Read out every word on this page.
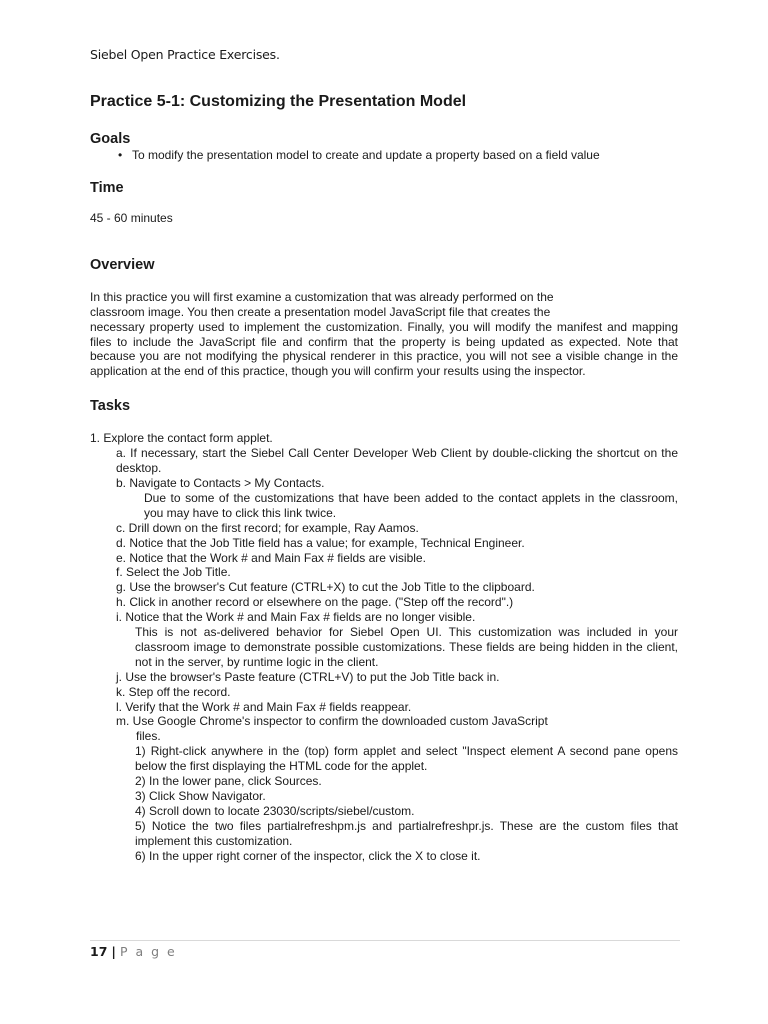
Siebel Open Practice Exercises.
Practice 5-1: Customizing the Presentation Model
Goals

• To modify the presentation model to create and update a property based on a field value

Time

45 - 60 minutes

Overview

In this practice you will first examine a customization that was already performed on the

classroom image. You then create a presentation model JavaScript file that creates the

necessary property used to implement the customization. Finally, you will modify the manifest and mapping files to include the JavaScript file and confirm that the property is being updated as expected. Note that because you are not modifying the physical renderer in this practice, you will not see a visible change in the application at the end of this practice, though you will confirm your results using the inspector.

Tasks

1. Explore the contact form applet.

a. If necessary, start the Siebel Call Center Developer Web Client by double-clicking the shortcut on the desktop.

b. Navigate to Contacts > My Contacts.

Due to some of the customizations that have been added to the contact applets in the classroom, you may have to click this link twice.

c. Drill down on the first record; for example, Ray Aamos.

d. Notice that the Job Title field has a value; for example, Technical Engineer.

e. Notice that the Work # and Main Fax # fields are visible.

f. Select the Job Title.

g. Use the browser's Cut feature (CTRL+X) to cut the Job Title to the clipboard.

h. Click in another record or elsewhere on the page. ("Step off the record".)

i. Notice that the Work # and Main Fax # fields are no longer visible.

This is not as-delivered behavior for Siebel Open UI. This customization was included in your classroom image to demonstrate possible customizations. These fields are being hidden in the client, not in the server, by runtime logic in the client.

j. Use the browser's Paste feature (CTRL+V) to put the Job Title back in.

k. Step off the record.

l. Verify that the Work # and Main Fax # fields reappear.

m. Use Google Chrome's inspector to confirm the downloaded custom JavaScript

files.

1) Right-click anywhere in the (top) form applet and select "Inspect element A second pane opens below the first displaying the HTML code for the applet.

2) In the lower pane, click Sources.

3) Click Show Navigator.

4) Scroll down to locate 23030/scripts/siebel/custom.

5) Notice the two files partialrefreshpm.js and partialrefreshpr.js. These are the custom files that implement this customization.

6) In the upper right corner of the inspector, click the X to close it.

17 | P a g e
